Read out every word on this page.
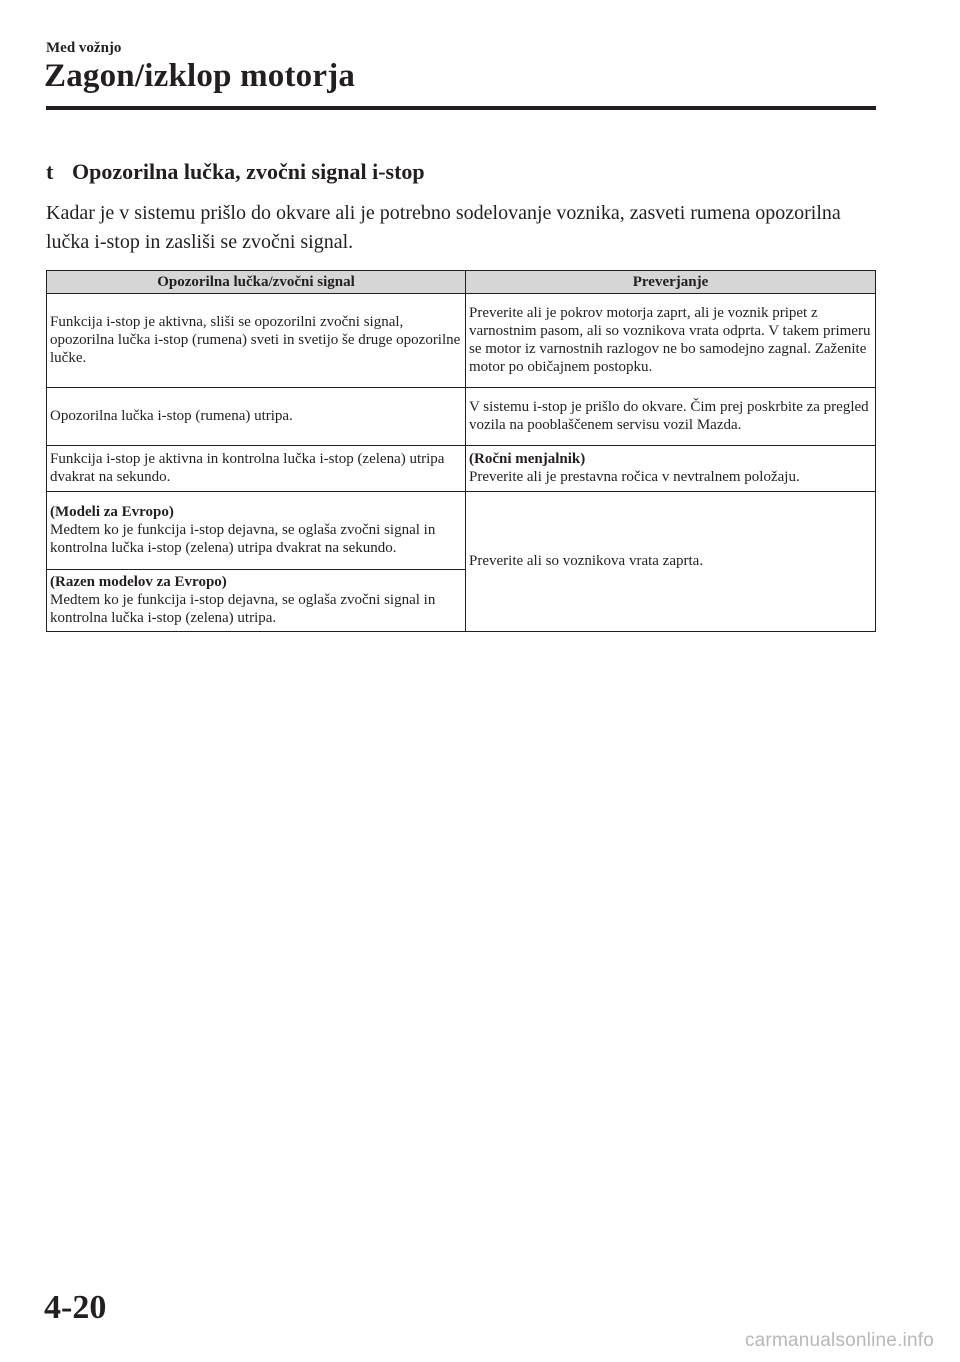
Med vožnjo
Zagon/izklop motorja
t Opozorilna lučka, zvočni signal i-stop

Kadar je v sistemu prišlo do okvare ali je potrebno sodelovanje voznika, zasveti rumena opozorilna lučka i-stop in zasliši se zvočni signal.

Opozorilna lučka/zvočni signal	Preverjanje
Funkcija i-stop je aktivna, sliši se opozorilni zvočni signal, opozorilna lučka i-stop (rumena) sveti in svetijo še druge opozorilne lučke.	Preverite ali je pokrov motorja zaprt, ali je voznik pripet z varnostnim pasom, ali so voznikova vrata odprta. V takem primeru se motor iz varnostnih razlogov ne bo samodejno zagnal. Zaženite motor po običajnem postopku.
Opozorilna lučka i-stop (rumena) utripa.	V sistemu i-stop je prišlo do okvare. Čim prej poskrbite za pregled vozila na pooblaščenem servisu vozil Mazda.
Funkcija i-stop je aktivna in kontrolna lučka i-stop (zelena) utripa dvakrat na sekundo.	(Ročni menjalnik)
Preverite ali je prestavna ročica v nevtralnem položaju.

(Modeli za Evropo)
Medtem ko je funkcija i-stop dejavna, se oglaša zvočni signal in kontrolna lučka i-stop (zelena) utripa dvakrat na sekundo.	Preverite ali so voznikova vrata zaprta.

(Razen modelov za Evropo)
Medtem ko je funkcija i-stop dejavna, se oglaša zvočni signal in kontrolna lučka i-stop (zelena) utripa.	
4-20
carmanualsonline.info
